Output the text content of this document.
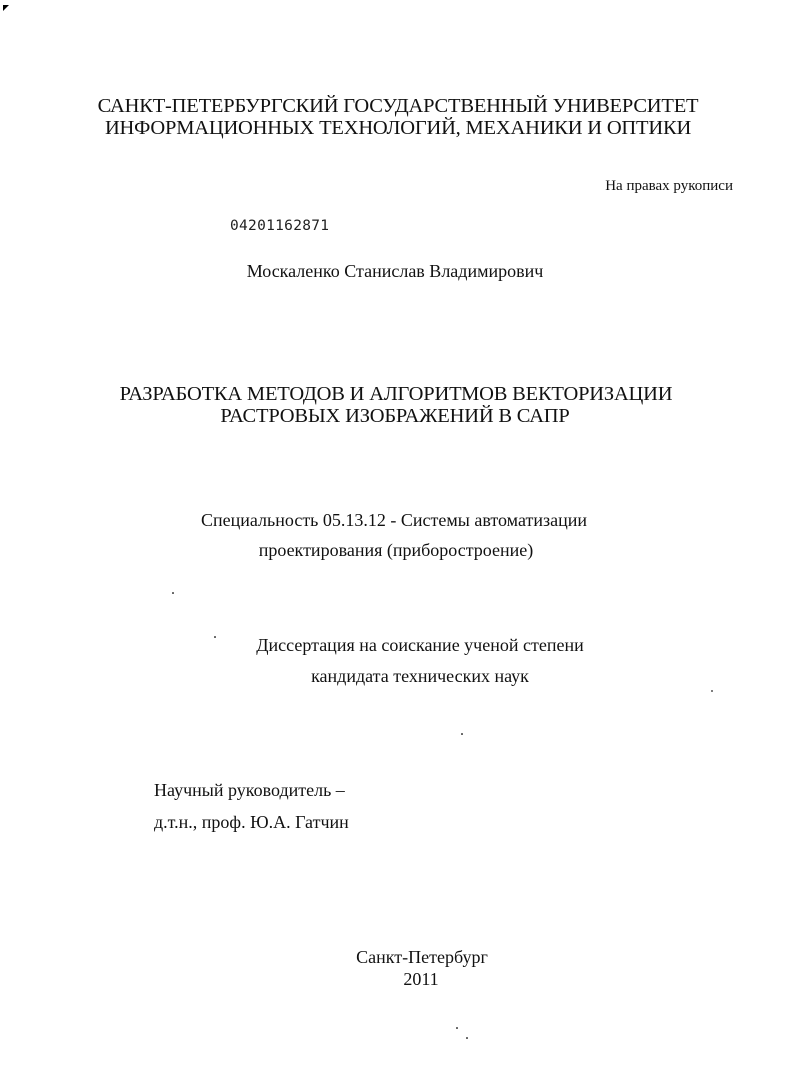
САНКТ-ПЕТЕРБУРГСКИЙ ГОСУДАРСТВЕННЫЙ УНИВЕРСИТЕТ
ИНФОРМАЦИОННЫХ ТЕХНОЛОГИЙ, МЕХАНИКИ И ОПТИКИ
На правах рукописи
04201162871
Москаленко Станислав Владимирович
РАЗРАБОТКА МЕТОДОВ И АЛГОРИТМОВ ВЕКТОРИЗАЦИИ
РАСТРОВЫХ ИЗОБРАЖЕНИЙ В САПР
Специальность 05.13.12 - Системы автоматизации
проектирования (приборостроение)
Диссертация на соискание ученой степени
кандидата технических наук
Научный руководитель –
д.т.н., проф. Ю.А. Гатчин
Санкт-Петербург
2011
